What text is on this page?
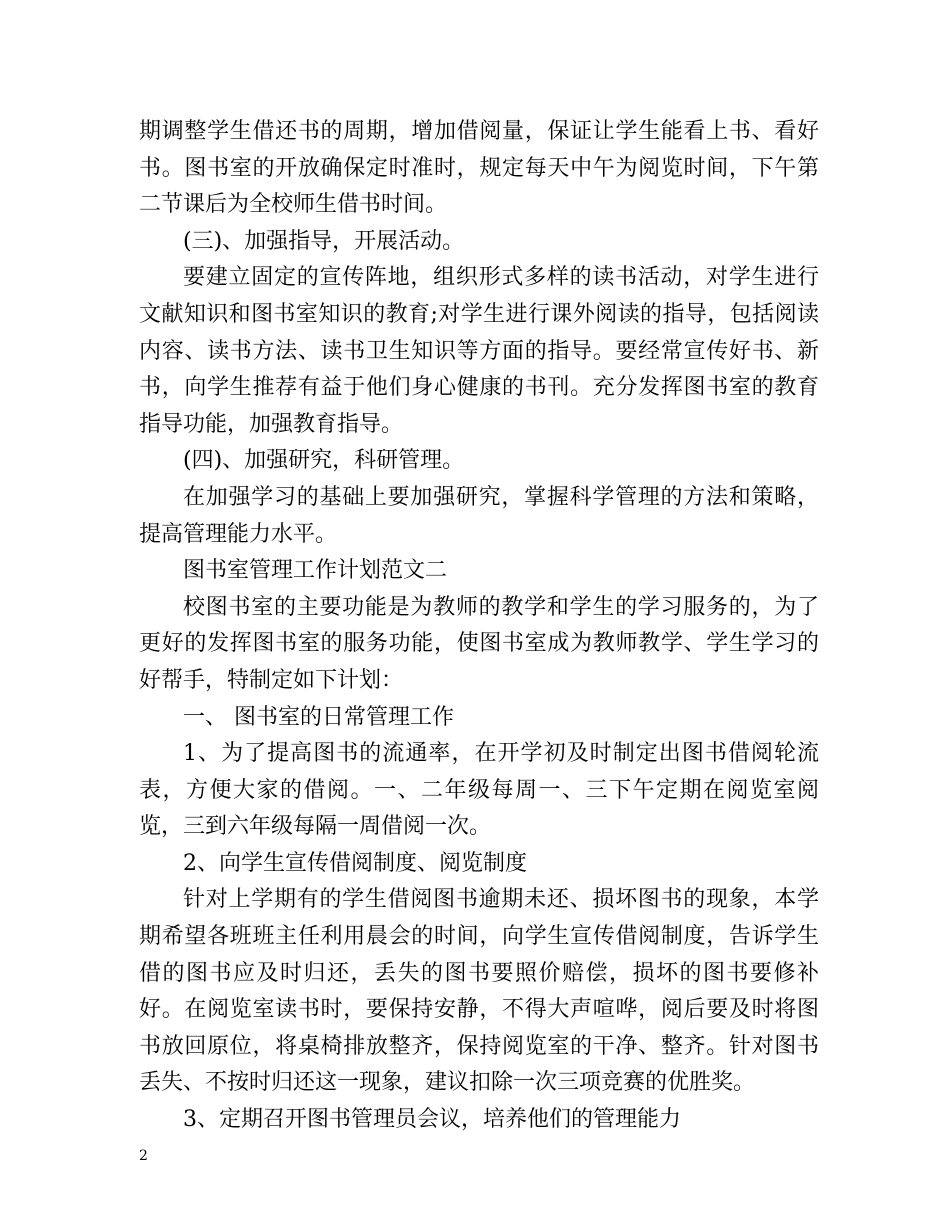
期调整学生借还书的周期，增加借阅量，保证让学生能看上书、看好书。图书室的开放确保定时准时，规定每天中午为阅览时间，下午第二节课后为全校师生借书时间。

(三)、加强指导，开展活动。

要建立固定的宣传阵地，组织形式多样的读书活动，对学生进行文献知识和图书室知识的教育;对学生进行课外阅读的指导，包括阅读内容、读书方法、读书卫生知识等方面的指导。要经常宣传好书、新书，向学生推荐有益于他们身心健康的书刊。充分发挥图书室的教育指导功能，加强教育指导。

(四)、加强研究，科研管理。

在加强学习的基础上要加强研究，掌握科学管理的方法和策略，提高管理能力水平。

图书室管理工作计划范文二

校图书室的主要功能是为教师的教学和学生的学习服务的，为了更好的发挥图书室的服务功能，使图书室成为教师教学、学生学习的好帮手，特制定如下计划：

一、 图书室的日常管理工作

1、为了提高图书的流通率，在开学初及时制定出图书借阅轮流表，方便大家的借阅。一、二年级每周一、三下午定期在阅览室阅览，三到六年级每隔一周借阅一次。

2、向学生宣传借阅制度、阅览制度

针对上学期有的学生借阅图书逾期未还、损坏图书的现象，本学期希望各班班主任利用晨会的时间，向学生宣传借阅制度，告诉学生借的图书应及时归还，丢失的图书要照价赔偿，损坏的图书要修补好。在阅览室读书时，要保持安静，不得大声喧哗，阅后要及时将图书放回原位，将桌椅排放整齐，保持阅览室的干净、整齐。针对图书丢失、不按时归还这一现象，建议扣除一次三项竞赛的优胜奖。

3、定期召开图书管理员会议，培养他们的管理能力

2
